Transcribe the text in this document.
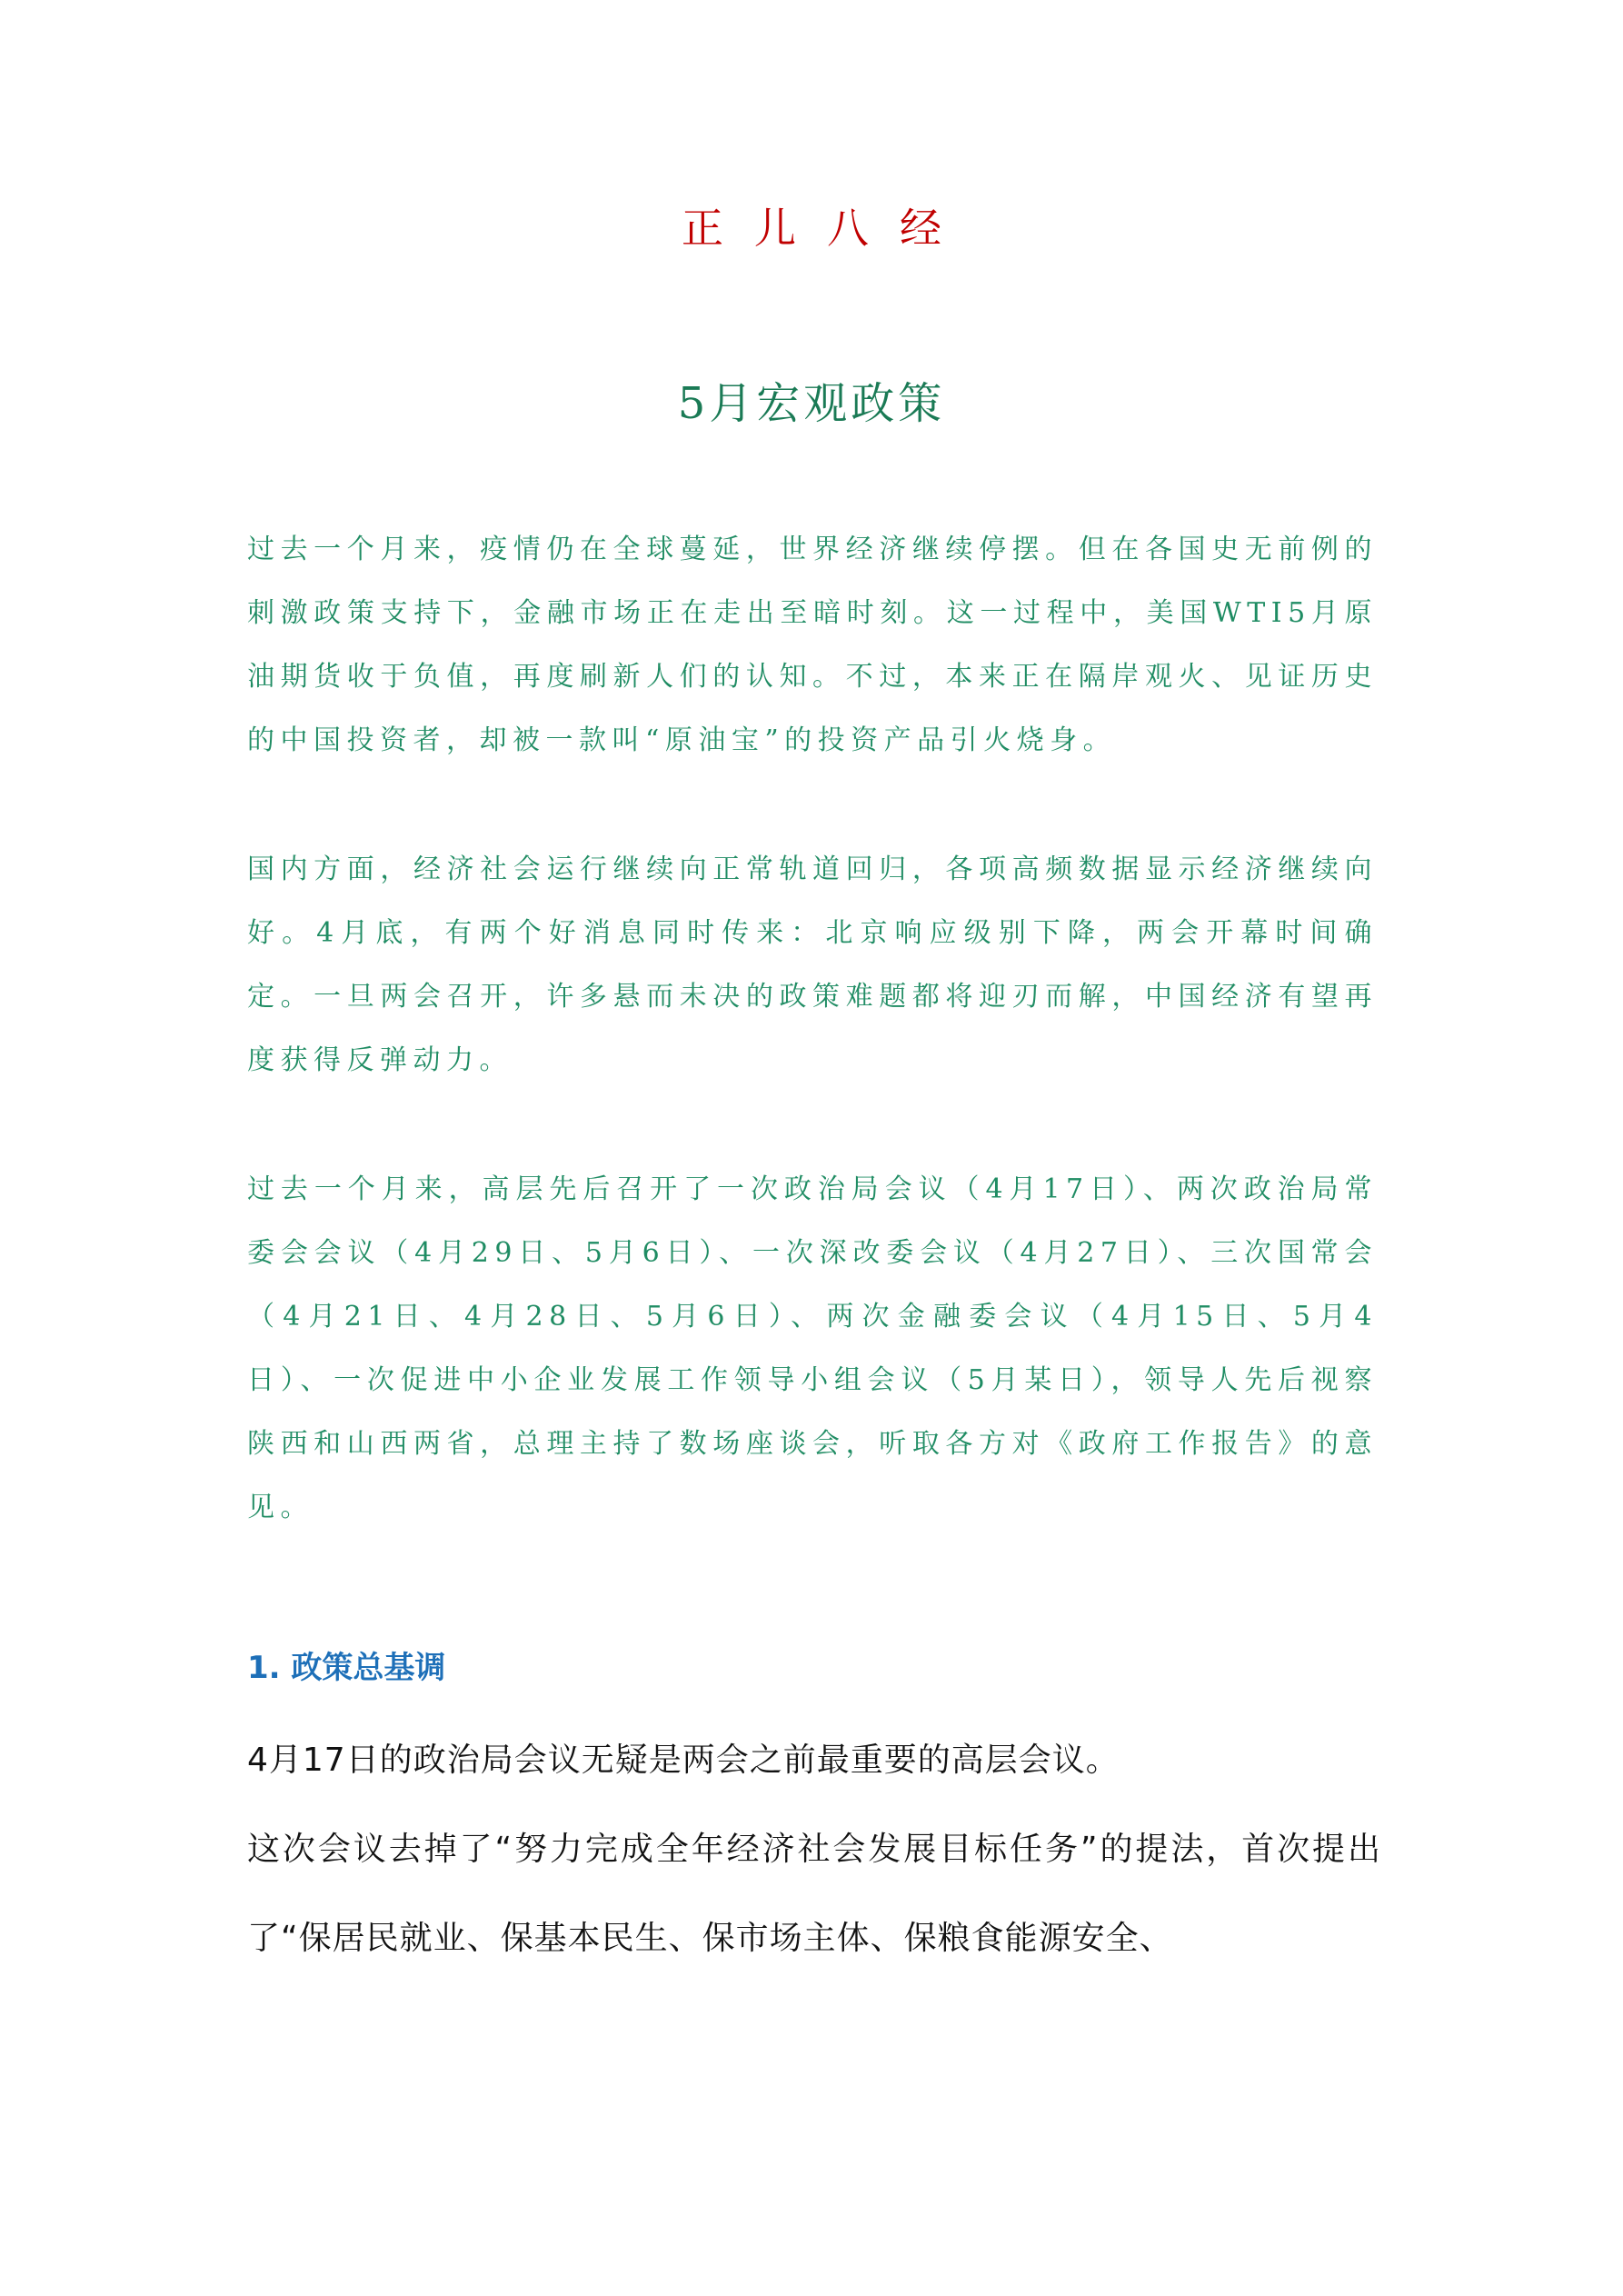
正儿八经
5月宏观政策

过去一个月来，疫情仍在全球蔓延，世界经济继续停摆。但在各国史无前例的刺激政策支持下，金融市场正在走出至暗时刻。这一过程中，美国WTI5月原油期货收于负值，再度刷新人们的认知。不过，本来正在隔岸观火、见证历史的中国投资者，却被一款叫“原油宝”的投资产品引火烧身。

国内方面，经济社会运行继续向正常轨道回归，各项高频数据显示经济继续向好。4月底，有两个好消息同时传来：北京响应级别下降，两会开幕时间确定。一旦两会召开，许多悬而未决的政策难题都将迎刃而解，中国经济有望再度获得反弹动力。

过去一个月来，高层先后召开了一次政治局会议（4月17日）、两次政治局常委会会议（4月29日、5月6日）、一次深改委会议（4月27日）、三次国常会（4月21日、4月28日、5月6日）、两次金融委会议（4月15日、5月4日）、一次促进中小企业发展工作领导小组会议（5月某日），领导人先后视察陕西和山西两省，总理主持了数场座谈会，听取各方对《政府工作报告》的意见。

1. 政策总基调

4月17日的政治局会议无疑是两会之前最重要的高层会议。

这次会议去掉了“努力完成全年经济社会发展目标任务”的提法，首次提出了“保居民就业、保基本民生、保市场主体、保粮食能源安全、
